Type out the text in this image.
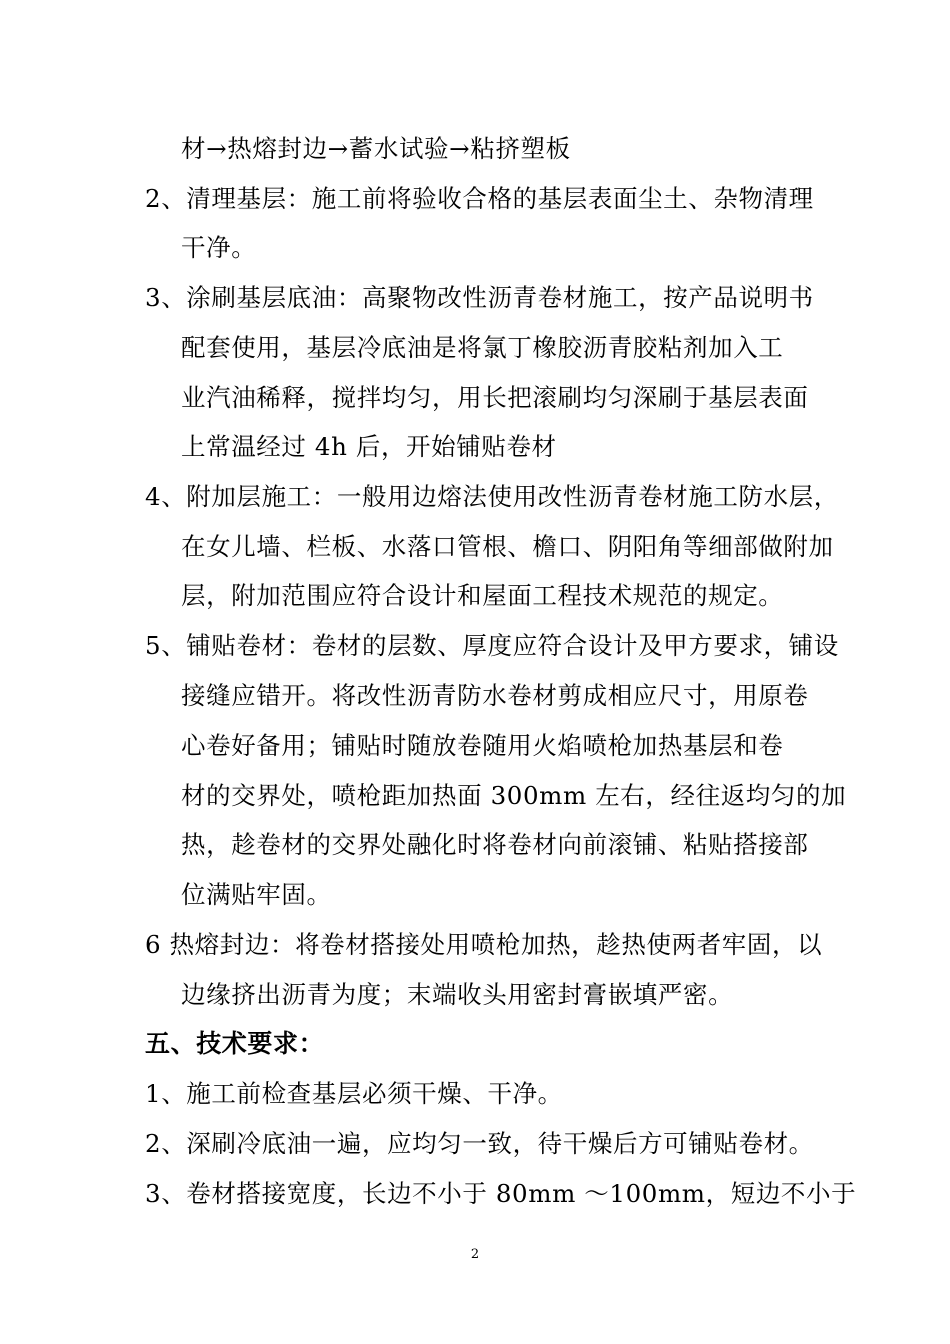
材→热熔封边→蓄水试验→粘挤塑板
2、清理基层：施工前将验收合格的基层表面尘土、杂物清理
干净。
3、涂刷基层底油：高聚物改性沥青卷材施工，按产品说明书
配套使用，基层冷底油是将氯丁橡胶沥青胶粘剂加入工
业汽油稀释，搅拌均匀，用长把滚刷均匀深刷于基层表面
上常温经过 4h 后，开始铺贴卷材
4、附加层施工：一般用边熔法使用改性沥青卷材施工防水层，
在女儿墙、栏板、水落口管根、檐口、阴阳角等细部做附加
层，附加范围应符合设计和屋面工程技术规范的规定。
5、铺贴卷材：卷材的层数、厚度应符合设计及甲方要求，铺设
接缝应错开。将改性沥青防水卷材剪成相应尺寸，用原卷
心卷好备用；铺贴时随放卷随用火焰喷枪加热基层和卷
材的交界处，喷枪距加热面 300mm 左右，经往返均匀的加
热，趁卷材的交界处融化时将卷材向前滚铺、粘贴搭接部
位满贴牢固。
6 热熔封边：将卷材搭接处用喷枪加热，趁热使两者牢固，以
边缘挤出沥青为度；末端收头用密封膏嵌填严密。
五、技术要求：
1、施工前检查基层必须干燥、干净。
2、深刷冷底油一遍，应均匀一致，待干燥后方可铺贴卷材。
3、卷材搭接宽度，长边不小于 80mm ～100mm，短边不小于
2
